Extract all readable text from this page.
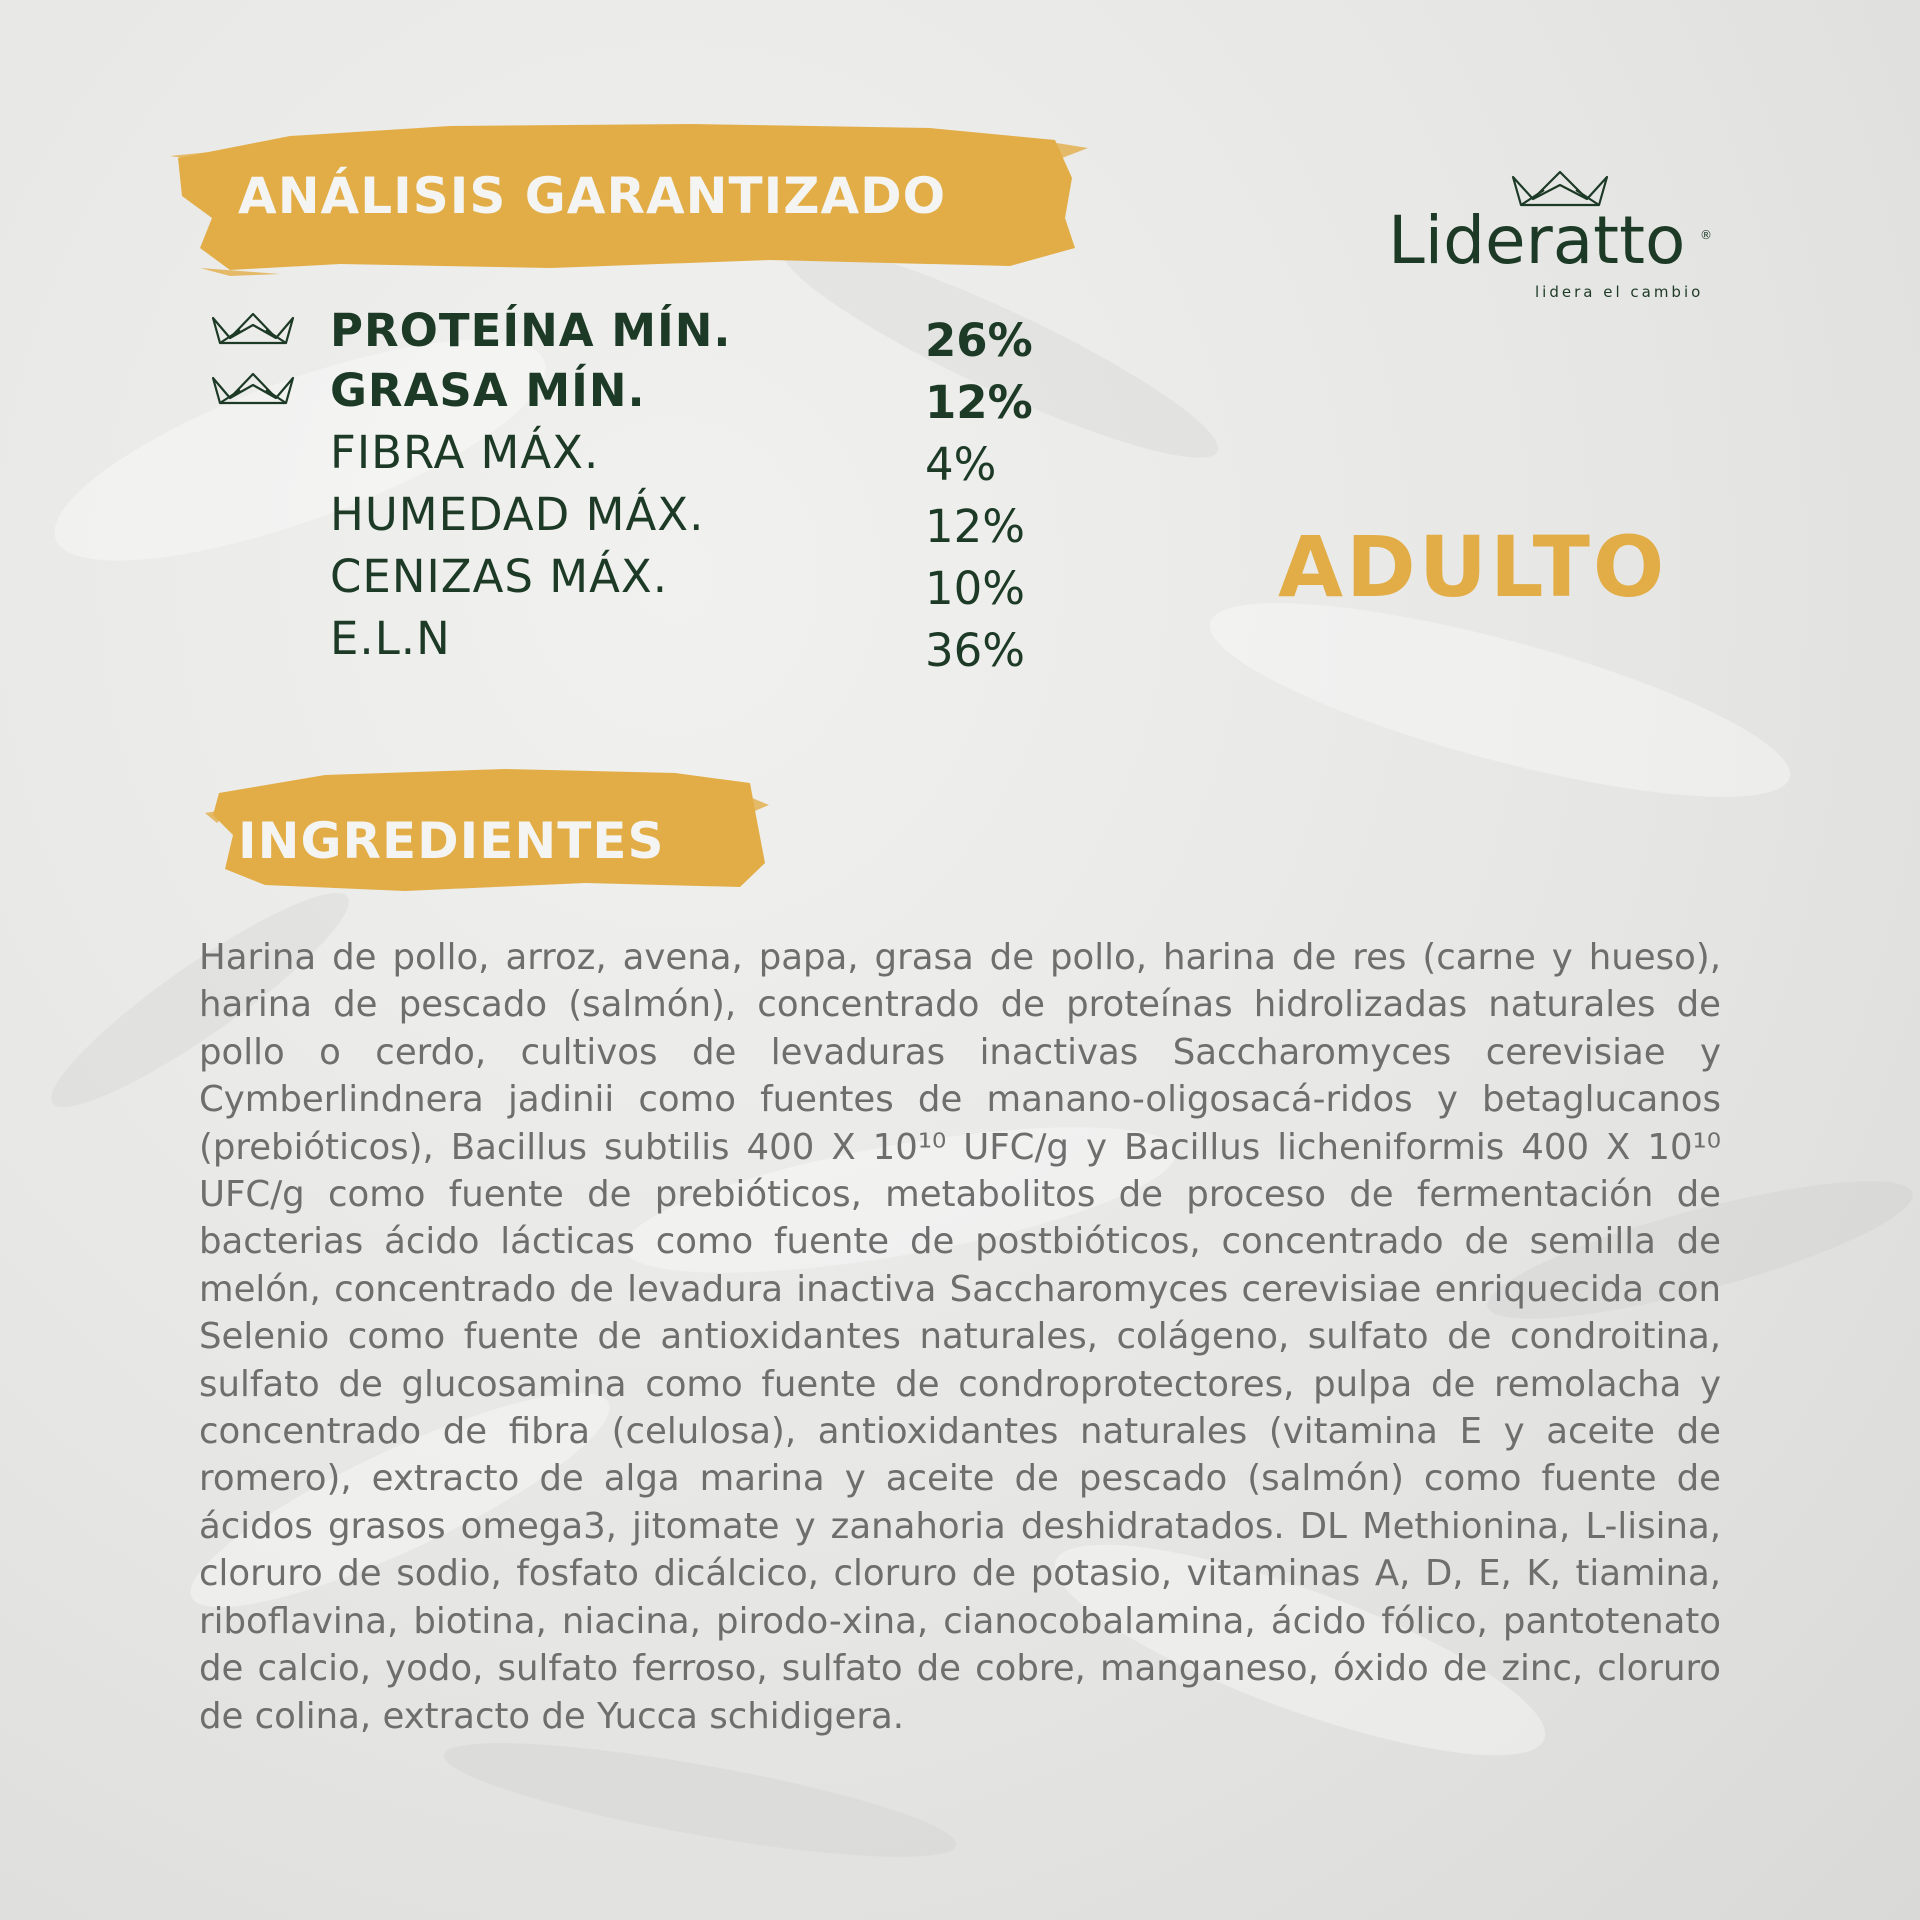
ANÁLISIS GARANTIZADO
PROTEÍNA MÍN.	26%
GRASA MÍN.	12%
FIBRA MÁX.	4%
HUMEDAD MÁX.	12%
CENIZAS MÁX.	10%
E.L.N	36%
Lideratto ®
lidera el cambio
ADULTO
INGREDIENTES
Harina de pollo, arroz, avena, papa, grasa de pollo, harina de res (carne y hueso), harina de pescado (salmón), concentrado de proteínas hidrolizadas naturales de pollo o cerdo, cultivos de levaduras inactivas Saccharomyces cerevisiae y Cymberlindnera jadinii como fuentes de manano-oligosacá-ridos y betaglucanos (prebióticos), Bacillus subtilis 400 X 10¹⁰ UFC/g y Bacillus licheniformis 400 X 10¹⁰ UFC/g como fuente de prebióticos, metabolitos de proceso de fermentación de bacterias ácido lácticas como fuente de postbióticos, concentrado de semilla de melón, concentrado de levadura inactiva Saccharomyces cerevisiae enriquecida con Selenio como fuente de antioxidantes naturales, colágeno, sulfato de condroitina, sulfato de glucosamina como fuente de condroprotectores, pulpa de remolacha y concentrado de fibra (celulosa), antioxidantes naturales (vitamina E y aceite de romero), extracto de alga marina y aceite de pescado (salmón) como fuente de ácidos grasos omega3, jitomate y zanahoria deshidratados. DL Methionina, L-lisina, cloruro de sodio, fosfato dicálcico, cloruro de potasio, vitaminas A, D, E, K, tiamina, riboflavina, biotina, niacina, pirodo-xina, cianocobalamina, ácido fólico, pantotenato de calcio, yodo, sulfato ferroso, sulfato de cobre, manganeso, óxido de zinc, cloruro de colina, extracto de Yucca schidigera.
